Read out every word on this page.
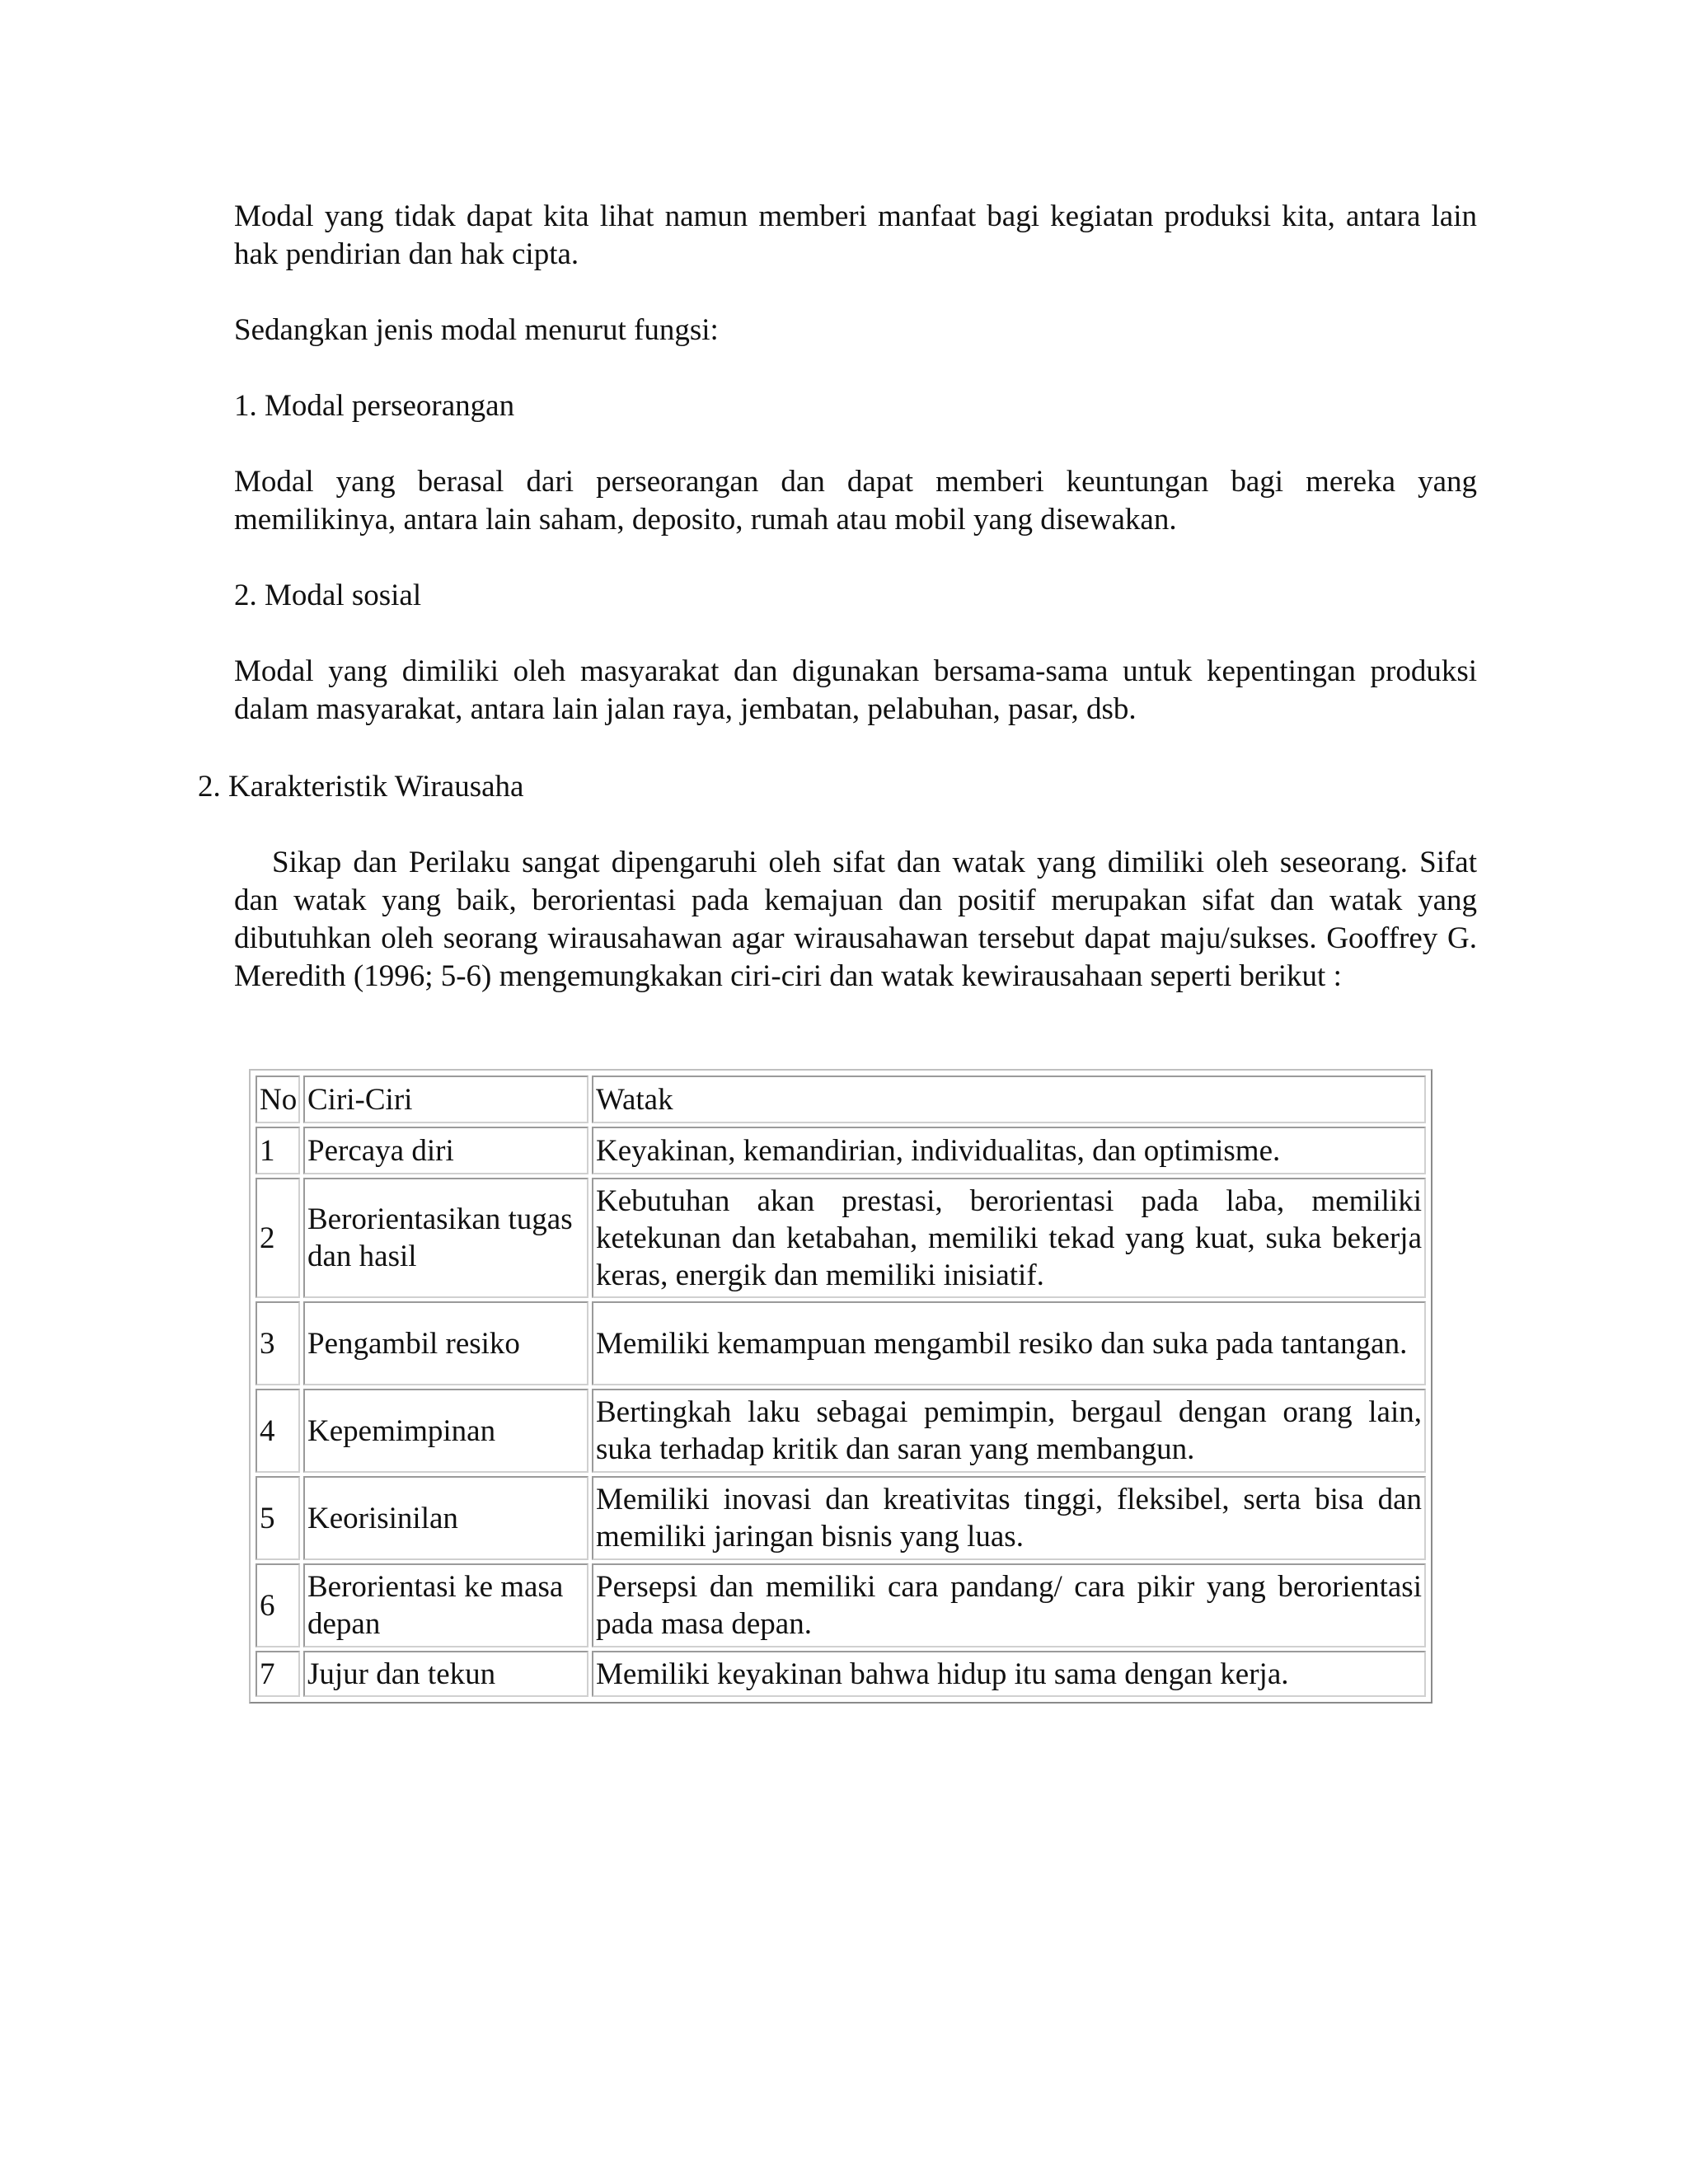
Modal yang tidak dapat kita lihat namun memberi manfaat bagi kegiatan produksi kita, antara lain hak pendirian dan hak cipta.

Sedangkan jenis modal menurut fungsi:

1. Modal perseorangan

Modal yang berasal dari perseorangan dan dapat memberi keuntungan bagi mereka yang memilikinya, antara lain saham, deposito, rumah atau mobil yang disewakan.

2. Modal sosial

Modal yang dimiliki oleh masyarakat dan digunakan bersama-sama untuk kepentingan produksi dalam masyarakat, antara lain jalan raya, jembatan, pelabuhan, pasar, dsb.

2. Karakteristik Wirausaha

Sikap dan Perilaku sangat dipengaruhi oleh sifat dan watak yang dimiliki oleh seseorang. Sifat dan watak yang baik, berorientasi pada kemajuan dan positif merupakan sifat dan watak yang dibutuhkan oleh seorang wirausahawan agar wirausahawan tersebut dapat maju/sukses. Gooffrey G. Meredith (1996; 5-6) mengemungkakan ciri-ciri dan watak kewirausahaan seperti berikut :

No	Ciri-Ciri	Watak
1	Percaya diri	Keyakinan, kemandirian, individualitas, dan optimisme.
2	Berorientasikan tugas dan hasil	Kebutuhan akan prestasi, berorientasi pada laba, memiliki ketekunan dan ketabahan, memiliki tekad yang kuat, suka bekerja keras, energik dan memiliki inisiatif.
3	Pengambil resiko	Memiliki kemampuan mengambil resiko dan suka pada tantangan.
4	Kepemimpinan	Bertingkah laku sebagai pemimpin, bergaul dengan orang lain, suka terhadap kritik dan saran yang membangun.
5	Keorisinilan	Memiliki inovasi dan kreativitas tinggi, fleksibel, serta bisa dan memiliki jaringan bisnis yang luas.
6	Berorientasi ke masa depan	Persepsi dan memiliki cara pandang/ cara pikir yang berorientasi pada masa depan.
7	Jujur dan tekun	Memiliki keyakinan bahwa hidup itu sama dengan kerja.
